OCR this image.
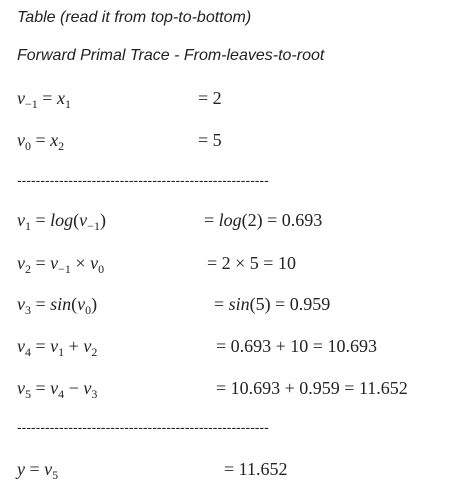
Table (read it from top-to-bottom)
Forward Primal Trace - From-leaves-to-root
$v_{-1} = x_1$	= 2
$v_0 = x_2$	= 5
------------------------------------------------------
$v_1 = \log(v_{-1})$	= log(2) = 0.693
$v_2 = v_{-1} \times v_0$	= 2 × 5 = 10
$v_3 = \sin(v_0)$	= sin(5) = 0.959
$v_4 = v_1 + v_2$	= 0.693 + 10 = 10.693
$v_5 = v_4 - v_3$	= 10.693 + 0.959 = 11.652
------------------------------------------------------
$y = v_5$	= 11.652
